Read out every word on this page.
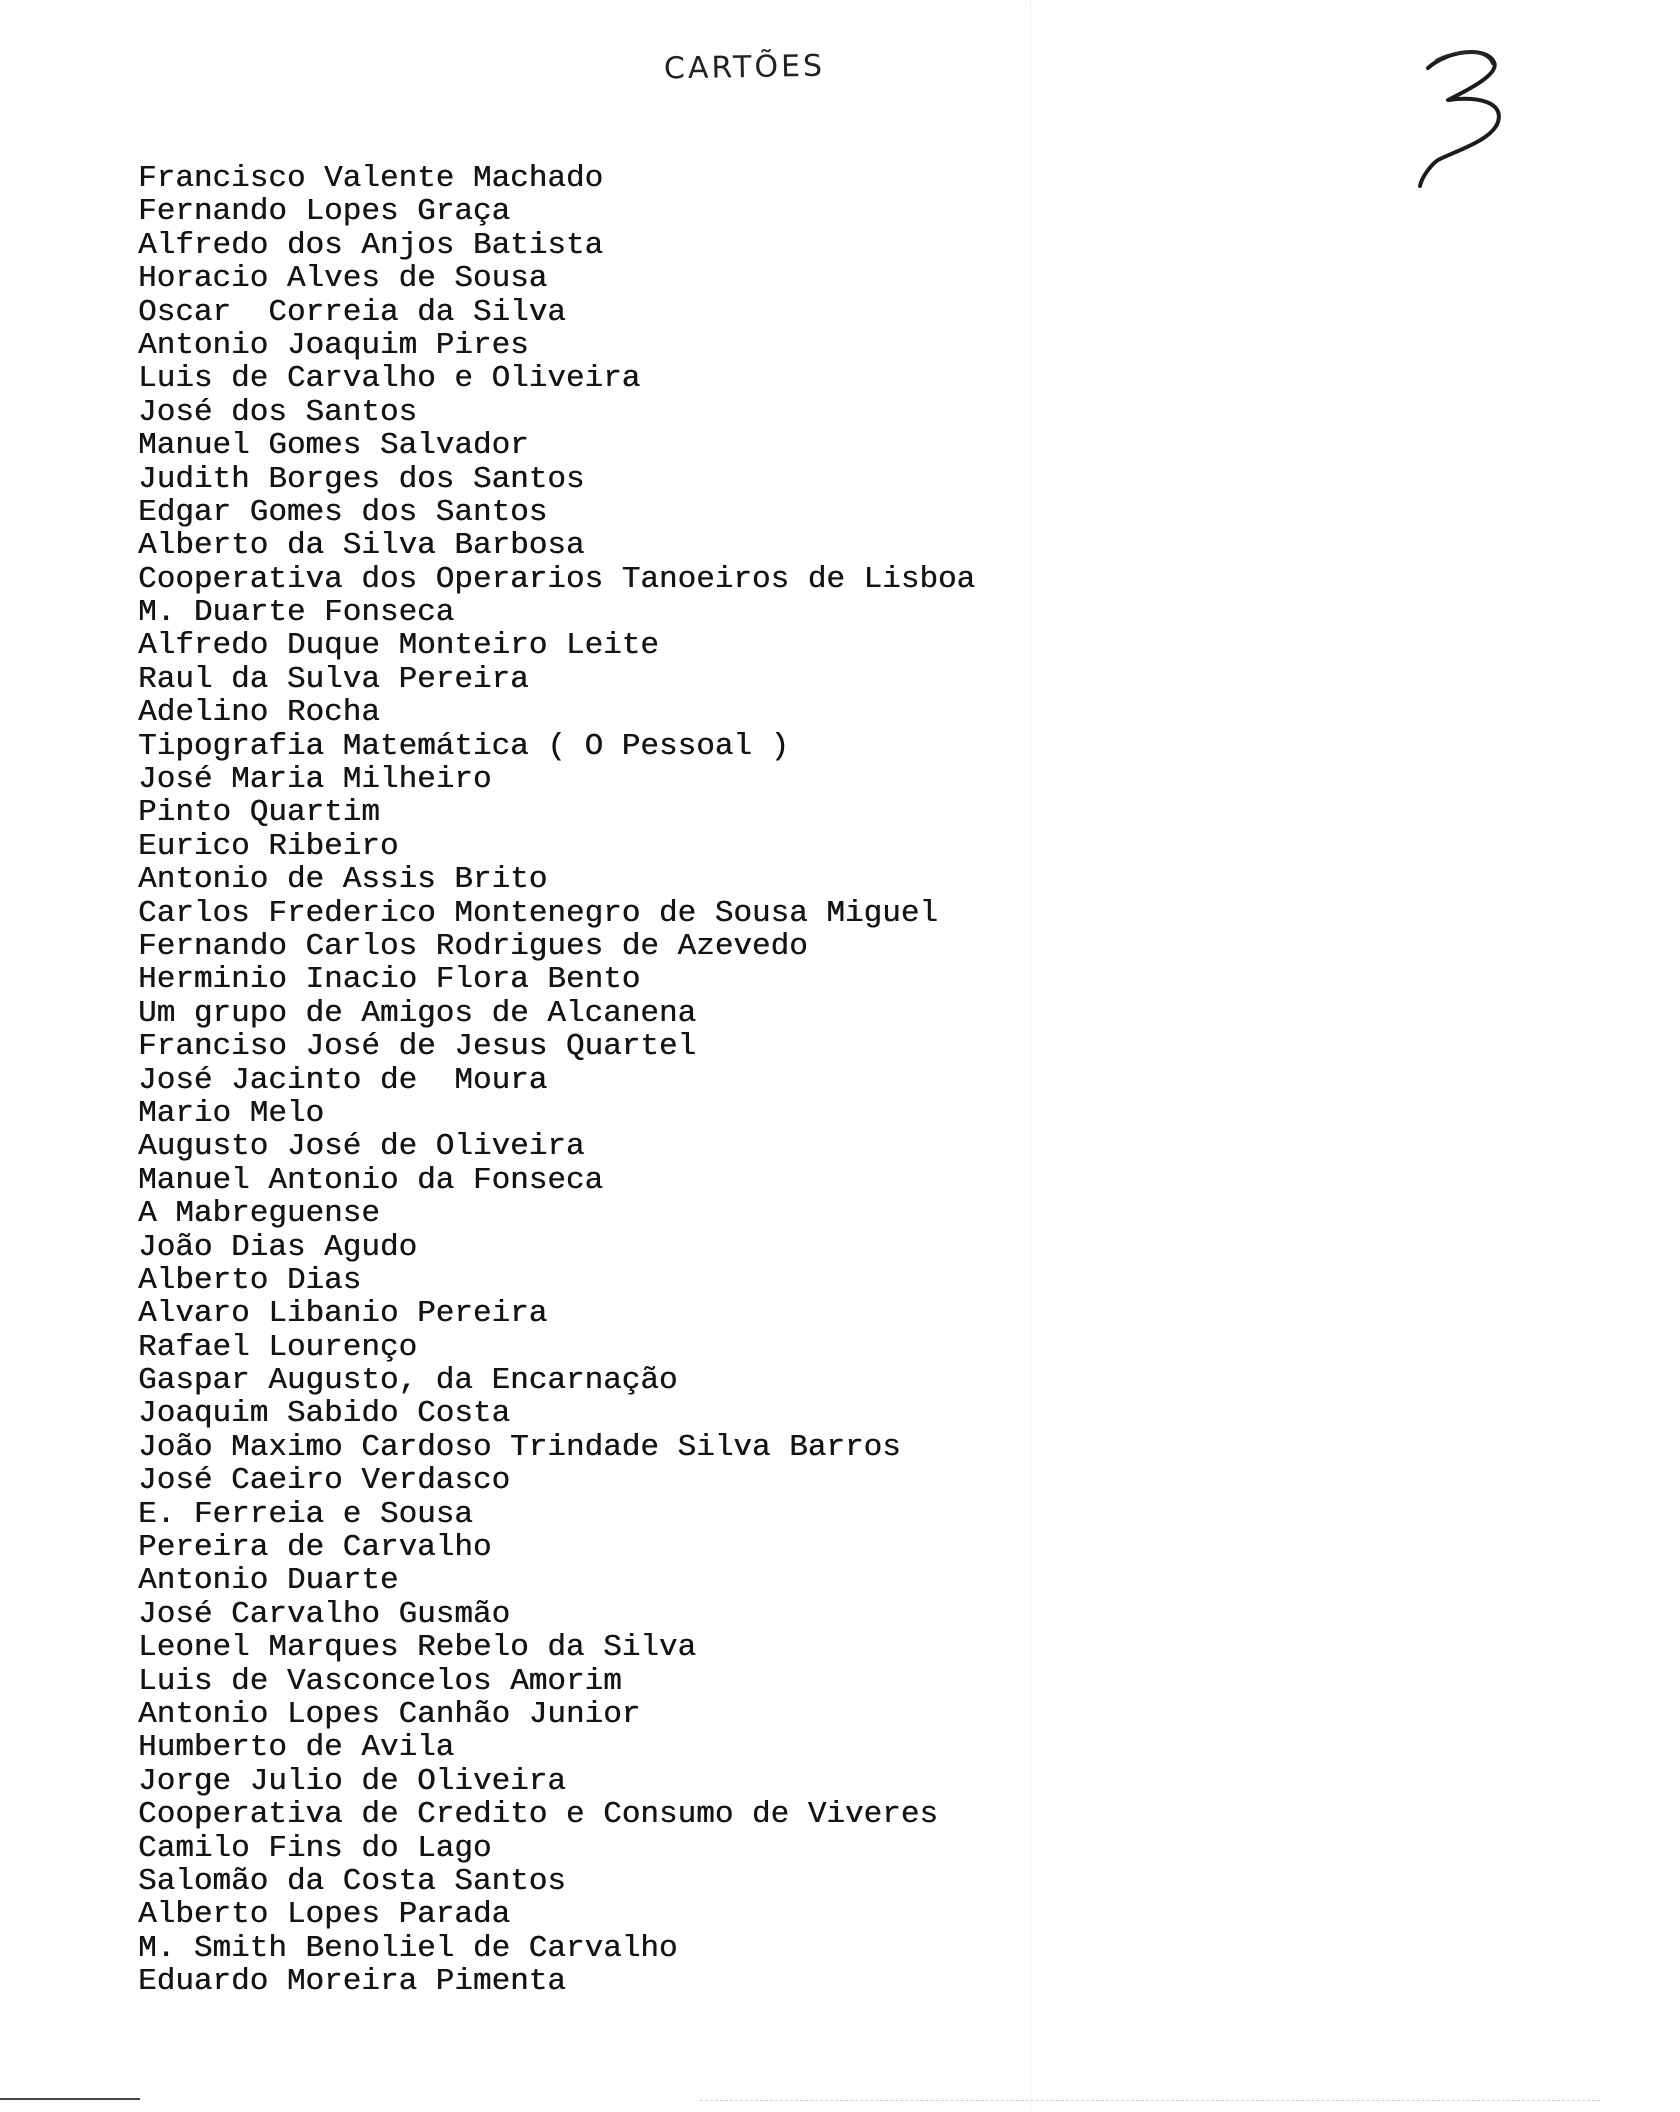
CARTÕES
Francisco Valente Machado
Fernando Lopes Graça
Alfredo dos Anjos Batista
Horacio Alves de Sousa
Oscar  Correia da Silva
Antonio Joaquim Pires
Luis de Carvalho e Oliveira
José dos Santos
Manuel Gomes Salvador
Judith Borges dos Santos
Edgar Gomes dos Santos
Alberto da Silva Barbosa
Cooperativa dos Operarios Tanoeiros de Lisboa
M. Duarte Fonseca
Alfredo Duque Monteiro Leite
Raul da Sulva Pereira
Adelino Rocha
Tipografia Matemática ( O Pessoal )
José Maria Milheiro
Pinto Quartim
Eurico Ribeiro
Antonio de Assis Brito
Carlos Frederico Montenegro de Sousa Miguel
Fernando Carlos Rodrigues de Azevedo
Herminio Inacio Flora Bento
Um grupo de Amigos de Alcanena
Franciso José de Jesus Quartel
José Jacinto de  Moura
Mario Melo
Augusto José de Oliveira
Manuel Antonio da Fonseca
A Mabreguense
João Dias Agudo
Alberto Dias
Alvaro Libanio Pereira
Rafael Lourenço
Gaspar Augusto, da Encarnação
Joaquim Sabido Costa
João Maximo Cardoso Trindade Silva Barros
José Caeiro Verdasco
E. Ferreia e Sousa
Pereira de Carvalho
Antonio Duarte
José Carvalho Gusmão
Leonel Marques Rebelo da Silva
Luis de Vasconcelos Amorim
Antonio Lopes Canhão Junior
Humberto de Avila
Jorge Julio de Oliveira
Cooperativa de Credito e Consumo de Viveres
Camilo Fins do Lago
Salomão da Costa Santos
Alberto Lopes Parada
M. Smith Benoliel de Carvalho
Eduardo Moreira Pimenta
